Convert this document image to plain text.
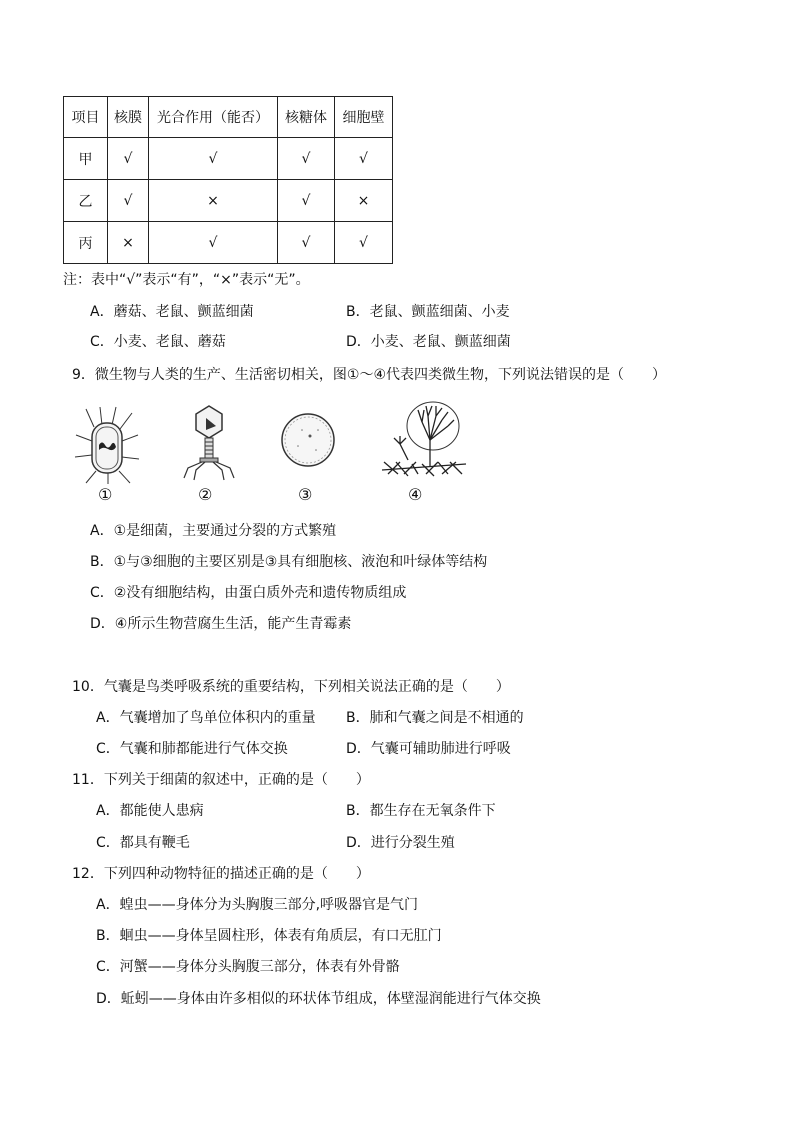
项目	核膜	光合作用（能否）	核糖体	细胞壁
甲	√	√	√	√
乙	√	×	√	×
丙	×	√	√	√
注：表中“√”表示“有”，“×”表示“无”。
A．蘑菇、老鼠、颤蓝细菌	B．老鼠、颤蓝细菌、小麦
C．小麦、老鼠、蘑菇	D．小麦、老鼠、颤蓝细菌
9．微生物与人类的生产、生活密切相关，图①～④代表四类微生物，下列说法错误的是（　　）
①	②	③	④
A．①是细菌，主要通过分裂的方式繁殖
B．①与③细胞的主要区别是③具有细胞核、液泡和叶绿体等结构
C．②没有细胞结构，由蛋白质外壳和遗传物质组成
D．④所示生物营腐生生活，能产生青霉素
10．气囊是鸟类呼吸系统的重要结构，下列相关说法正确的是（　　）
A．气囊增加了鸟单位体积内的重量 B．肺和气囊之间是不相通的
C．气囊和肺都能进行气体交换	D．气囊可辅助肺进行呼吸
11．下列关于细菌的叙述中，正确的是（　　）
A．都能使人患病	B．都生存在无氧条件下
C．都具有鞭毛	D．进行分裂生殖
12．下列四种动物特征的描述正确的是（　　）
A．蝗虫——身体分为头胸腹三部分,呼吸器官是气门
B．蛔虫——身体呈圆柱形，体表有角质层，有口无肛门
C．河蟹——身体分头胸腹三部分，体表有外骨骼
D．蚯蚓——身体由许多相似的环状体节组成，体壁湿润能进行气体交换
